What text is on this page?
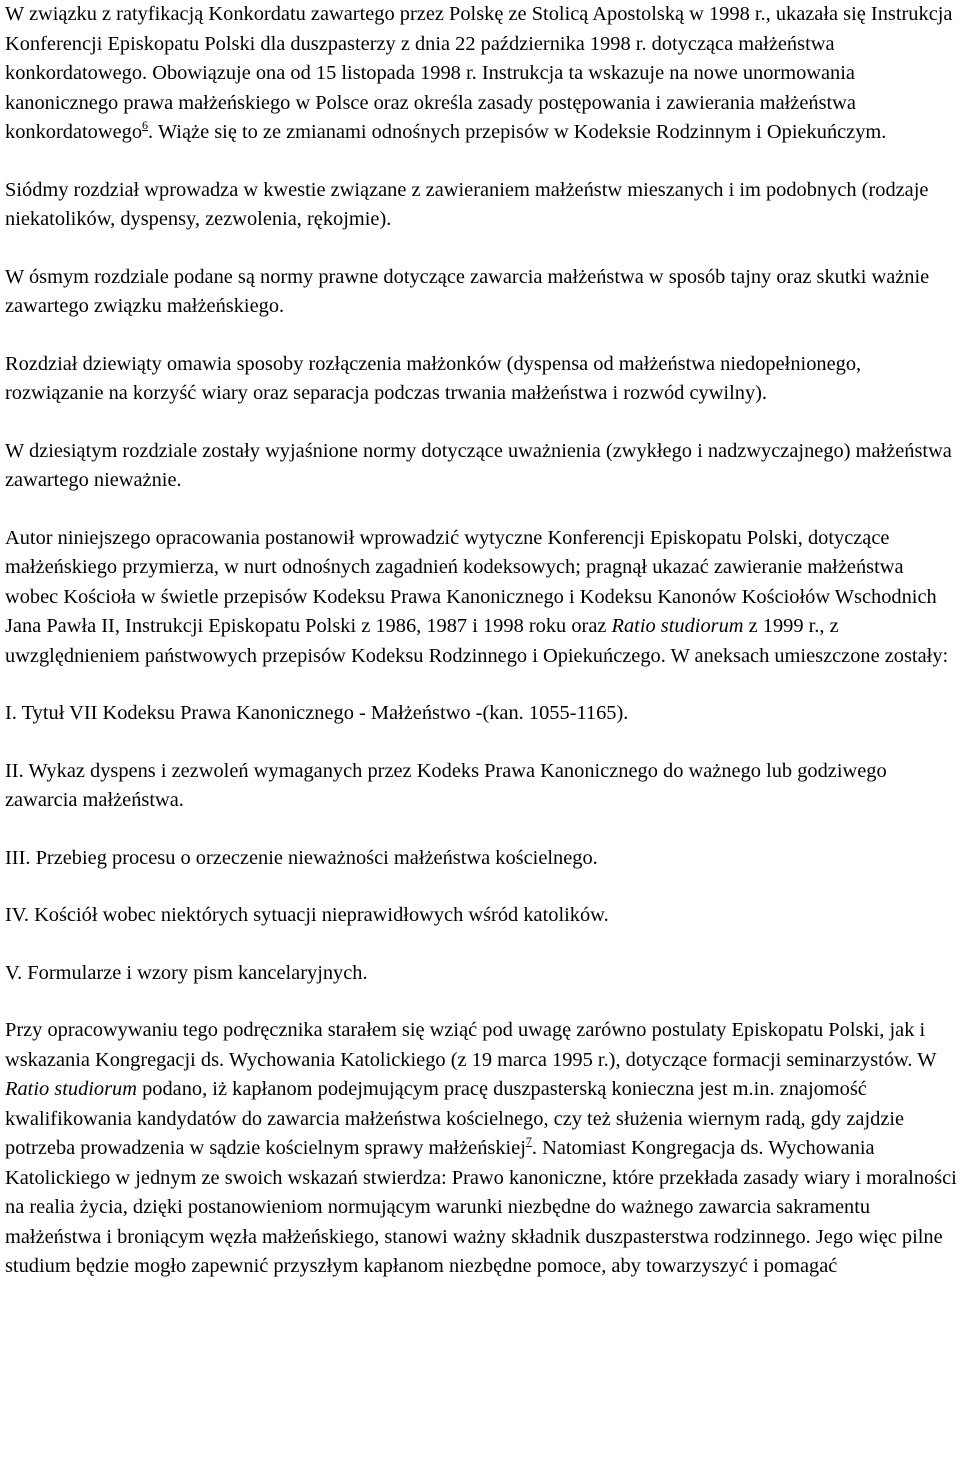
W związku z ratyfikacją Konkordatu zawartego przez Polskę ze Stolicą Apostolską w 1998 r., ukazała się Instrukcja Konferencji Episkopatu Polski dla duszpasterzy z dnia 22 października 1998 r. dotycząca małżeństwa konkordatowego. Obowiązuje ona od 15 listopada 1998 r. Instrukcja ta wskazuje na nowe unormowania kanonicznego prawa małżeńskiego w Polsce oraz określa zasady postępowania i zawierania małżeństwa konkordatowego$^6$. Wiąże się to ze zmianami odnośnych przepisów w Kodeksie Rodzinnym i Opiekuńczym.

Siódmy rozdział wprowadza w kwestie związane z zawieraniem małżeństw mieszanych i im podobnych (rodzaje niekatolików, dyspensy, zezwolenia, rękojmie).

W ósmym rozdziale podane są normy prawne dotyczące zawarcia małżeństwa w sposób tajny oraz skutki ważnie zawartego związku małżeńskiego.

Rozdział dziewiąty omawia sposoby rozłączenia małżonków (dyspensa od małżeństwa niedopełnionego, rozwiązanie na korzyść wiary oraz separacja podczas trwania małżeństwa i rozwód cywilny).

W dziesiątym rozdziale zostały wyjaśnione normy dotyczące uważnienia (zwykłego i nadzwyczajnego) małżeństwa zawartego nieważnie.

Autor niniejszego opracowania postanowił wprowadzić wytyczne Konferencji Episkopatu Polski, dotyczące małżeńskiego przymierza, w nurt odnośnych zagadnień kodeksowych; pragnął ukazać zawieranie małżeństwa wobec Kościoła w świetle przepisów Kodeksu Prawa Kanonicznego i Kodeksu Kanonów Kościołów Wschodnich Jana Pawła II, Instrukcji Episkopatu Polski z 1986, 1987 i 1998 roku oraz Ratio studiorum z 1999 r., z uwzględnieniem państwowych przepisów Kodeksu Rodzinnego i Opiekuńczego. W aneksach umieszczone zostały:

I. Tytuł VII Kodeksu Prawa Kanonicznego - Małżeństwo -(kan. 1055-1165).

II. Wykaz dyspens i zezwoleń wymaganych przez Kodeks Prawa Kanonicznego do ważnego lub godziwego zawarcia małżeństwa.

III. Przebieg procesu o orzeczenie nieważności małżeństwa kościelnego.

IV. Kościół wobec niektórych sytuacji nieprawidłowych wśród katolików.

V. Formularze i wzory pism kancelaryjnych.

Przy opracowywaniu tego podręcznika starałem się wziąć pod uwagę zarówno postulaty Episkopatu Polski, jak i wskazania Kongregacji ds. Wychowania Katolickiego (z 19 marca 1995 r.), dotyczące formacji seminarzystów. W Ratio studiorum podano, iż kapłanom podejmującym pracę duszpasterską konieczna jest m.in. znajomość kwalifikowania kandydatów do zawarcia małżeństwa kościelnego, czy też służenia wiernym radą, gdy zajdzie potrzeba prowadzenia w sądzie kościelnym sprawy małżeńskiej$^7$. Natomiast Kongregacja ds. Wychowania Katolickiego w jednym ze swoich wskazań stwierdza: Prawo kanoniczne, które przekłada zasady wiary i moralności na realia życia, dzięki postanowieniom normującym warunki niezbędne do ważnego zawarcia sakramentu małżeństwa i broniącym węzła małżeńskiego, stanowi ważny składnik duszpasterstwa rodzinnego. Jego więc pilne studium będzie mogło zapewnić przyszłym kapłanom niezbędne pomoce, aby towarzyszyć i pomagać
